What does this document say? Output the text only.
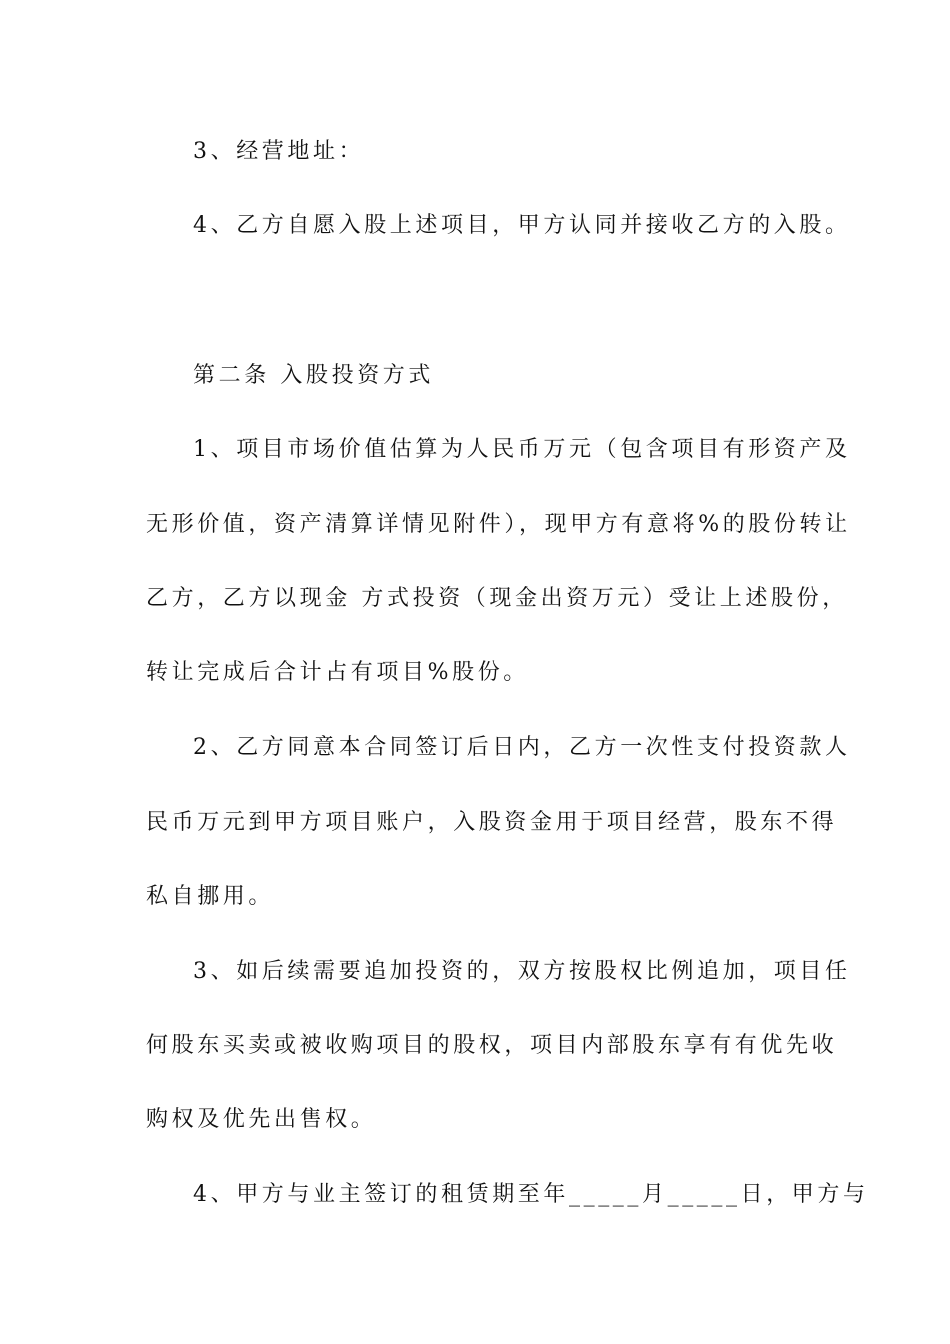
3、经营地址：
4、乙方自愿入股上述项目，甲方认同并接收乙方的入股。
第二条 入股投资方式
1、项目市场价值估算为人民币万元（包含项目有形资产及
无形价值，资产清算详情见附件），现甲方有意将%的股份转让
乙方，乙方以现金 方式投资（现金出资万元）受让上述股份，
转让完成后合计占有项目%股份。
2、乙方同意本合同签订后日内，乙方一次性支付投资款人
民币万元到甲方项目账户，入股资金用于项目经营，股东不得
私自挪用。
3、如后续需要追加投资的，双方按股权比例追加，项目任
何股东买卖或被收购项目的股权，项目内部股东享有有优先收
购权及优先出售权。
4、甲方与业主签订的租赁期至年_____月_____日，甲方与
